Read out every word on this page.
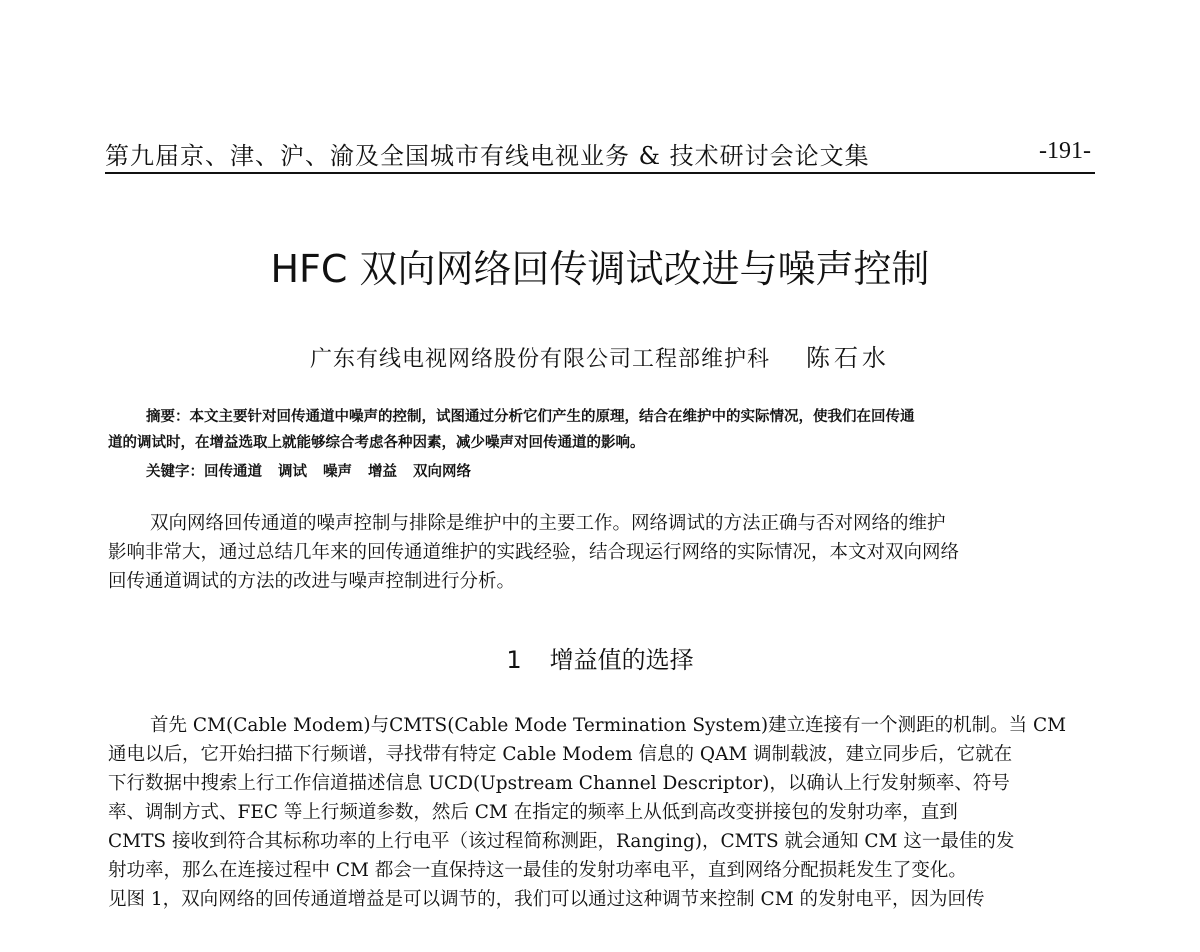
第九届京、津、沪、渝及全国城市有线电视业务 & 技术研讨会论文集	-191-
HFC 双向网络回传调试改进与噪声控制
广东有线电视网络股份有限公司工程部维护科 陈石水
摘要：本文主要针对回传通道中噪声的控制，试图通过分析它们产生的原理，结合在维护中的实际情况，使我们在回传通
道的调试时，在增益选取上就能够综合考虑各种因素，减少噪声对回传通道的影响。
关键字：回传通道 调试 噪声 增益 双向网络
双向网络回传通道的噪声控制与排除是维护中的主要工作。网络调试的方法正确与否对网络的维护
影响非常大，通过总结几年来的回传通道维护的实践经验，结合现运行网络的实际情况，本文对双向网络
回传通道调试的方法的改进与噪声控制进行分析。
1 增益值的选择
首先 CM(Cable Modem)与CMTS(Cable Mode Termination System)建立连接有一个测距的机制。当 CM
通电以后，它开始扫描下行频谱，寻找带有特定 Cable Modem 信息的 QAM 调制载波，建立同步后，它就在
下行数据中搜索上行工作信道描述信息 UCD(Upstream Channel Descriptor)，以确认上行发射频率、符号
率、调制方式、FEC 等上行频道参数，然后 CM 在指定的频率上从低到高改变拼接包的发射功率，直到
CMTS 接收到符合其标称功率的上行电平（该过程简称测距，Ranging)，CMTS 就会通知 CM 这一最佳的发
射功率，那么在连接过程中 CM 都会一直保持这一最佳的发射功率电平，直到网络分配损耗发生了变化。
见图 1，双向网络的回传通道增益是可以调节的，我们可以通过这种调节来控制 CM 的发射电平，因为回传
